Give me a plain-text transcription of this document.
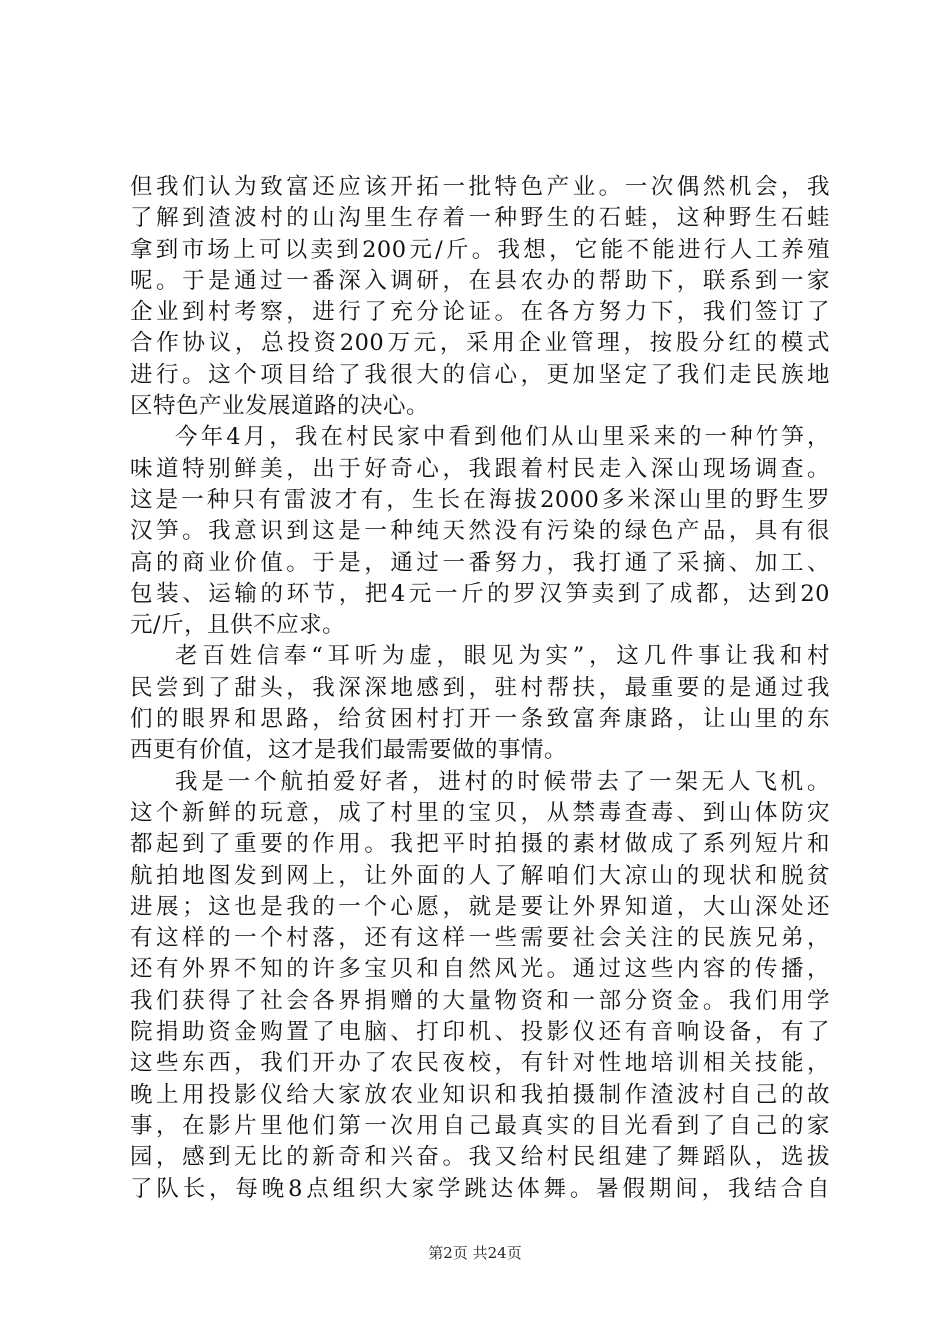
但我们认为致富还应该开拓一批特色产业。一次偶然机会，我
了解到渣波村的山沟里生存着一种野生的石蛙，这种野生石蛙
拿到市场上可以卖到200元/斤。我想，它能不能进行人工养殖
呢。于是通过一番深入调研，在县农办的帮助下，联系到一家
企业到村考察，进行了充分论证。在各方努力下，我们签订了
合作协议，总投资200万元，采用企业管理，按股分红的模式
进行。这个项目给了我很大的信心，更加坚定了我们走民族地
区特色产业发展道路的决心。
今年4月，我在村民家中看到他们从山里采来的一种竹笋，
味道特别鲜美，出于好奇心，我跟着村民走入深山现场调查。
这是一种只有雷波才有，生长在海拔2000多米深山里的野生罗
汉笋。我意识到这是一种纯天然没有污染的绿色产品，具有很
高的商业价值。于是，通过一番努力，我打通了采摘、加工、
包装、运输的环节，把4元一斤的罗汉笋卖到了成都，达到20
元/斤，且供不应求。
老百姓信奉“耳听为虚，眼见为实”，这几件事让我和村
民尝到了甜头，我深深地感到，驻村帮扶，最重要的是通过我
们的眼界和思路，给贫困村打开一条致富奔康路，让山里的东
西更有价值，这才是我们最需要做的事情。
我是一个航拍爱好者，进村的时候带去了一架无人飞机。
这个新鲜的玩意，成了村里的宝贝，从禁毒查毒、到山体防灾
都起到了重要的作用。我把平时拍摄的素材做成了系列短片和
航拍地图发到网上，让外面的人了解咱们大凉山的现状和脱贫
进展；这也是我的一个心愿，就是要让外界知道，大山深处还
有这样的一个村落，还有这样一些需要社会关注的民族兄弟，
还有外界不知的许多宝贝和自然风光。通过这些内容的传播，
我们获得了社会各界捐赠的大量物资和一部分资金。我们用学
院捐助资金购置了电脑、打印机、投影仪还有音响设备，有了
这些东西，我们开办了农民夜校，有针对性地培训相关技能，
晚上用投影仪给大家放农业知识和我拍摄制作渣波村自己的故
事，在影片里他们第一次用自己最真实的目光看到了自己的家
园，感到无比的新奇和兴奋。我又给村民组建了舞蹈队，选拔
了队长，每晚8点组织大家学跳达体舞。暑假期间，我结合自
第2页 共24页
